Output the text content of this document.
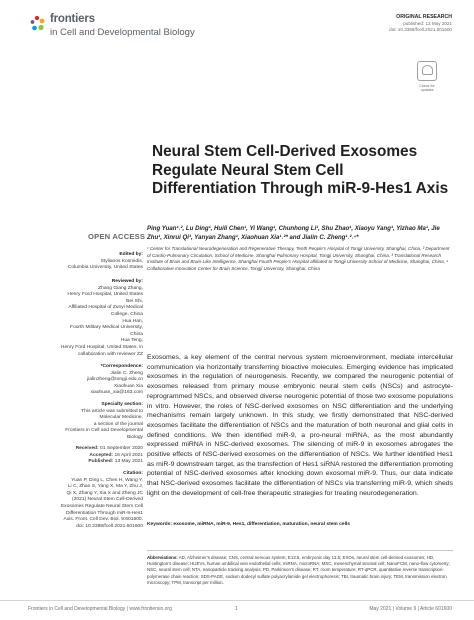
frontiers
in Cell and Developmental Biology
ORIGINAL RESEARCH
published: 13 May 2021
doi: 10.3389/fcell.2021.601600
Check for
updates
Neural Stem Cell-Derived Exosomes Regulate Neural Stem Cell Differentiation Through miR-9-Hes1 Axis
OPEN ACCESS
Edited by:
Stylianos Kosmidis,
Columbia University, United States
Reviewed by:
Zhang Giang Zhang,
Henry Ford Hospital, United States
Bei Shi,
Affiliated Hospital of Zunyi Medical
College, China
Hua Han,
Fourth Military Medical University,
China
Hua Teng,
Henry Ford Hospital, United States, in
collaboration with reviewer ZZ
*Correspondence:
Jialin C. Zheng
jialinzheng@tongji.edu.cn
Xiaohuan Xia
xiaohuan_xia@163.com
Specialty section:
This article was submitted to
Molecular Medicine,
a section of the journal
Frontiers in Cell and Developmental
Biology
Received: 01 September 2020
Accepted: 16 April 2021
Published: 13 May 2021
Citation:
Yuan P, Ding L, Chen H, Wang Y,
Li C, Zhao S, Yang X, Ma Y, Zhu J,
Qi X, Zhang Y, Xia X and Zheng JC
(2021) Neural Stem Cell-Derived
Exosomes Regulate Neural Stem Cell
Differentiation Through miR-9-Hes1
Axis. Front. Cell Dev. Biol. 9:601600.
doi: 10.3389/fcell.2021.601600
Ping Yuan¹˒², Lu Ding¹, Huili Chen¹, Yi Wang¹, Chunhong Li¹, Shu Zhao¹, Xiaoyu Yang¹, Yizhao Ma¹, Jie Zhu¹, Xinrui Qi³, Yanyan Zhang¹, Xiaohuan Xia¹˒²* and Jialin C. Zheng¹˒²˒⁴*
¹ Center for Translational Neurodegeneration and Regenerative Therapy, Tenth People’s Hospital of Tongji University, Shanghai, China, ² Department of Cardio-Pulmonary Circulation, School of Medicine, Shanghai Pulmonary Hospital, Tongji University, Shanghai, China, ³ Translational Research Institute of Brain and Brain-Like Intelligence, Shanghai Fourth People’s Hospital affiliated to Tongji University School of Medicine, Shanghai, China, ⁴ Collaborative Innovation Center for Brain Science, Tongji University, Shanghai, China
Exosomes, a key element of the central nervous system microenvironment, mediate intercellular communication via horizontally transferring bioactive molecules. Emerging evidence has implicated exosomes in the regulation of neurogenesis. Recently, we compared the neurogenic potential of exosomes released from primary mouse embryonic neural stem cells (NSCs) and astrocyte-reprogrammed NSCs, and observed diverse neurogenic potential of those two exosome populations in vitro. However, the roles of NSC-derived exosomes on NSC differentiation and the underlying mechanisms remain largely unknown. In this study, we firstly demonstrated that NSC-derived exosomes facilitate the differentiation of NSCs and the maturation of both neuronal and glial cells in defined conditions. We then identified miR-9, a pro-neural miRNA, as the most abundantly expressed miRNA in NSC-derived exosomes. The silencing of miR-9 in exosomes abrogates the positive effects of NSC-derived exosomes on the differentiation of NSCs. We further identified Hes1 as miR-9 downstream target, as the transfection of Hes1 siRNA restored the differentiation promoting potential of NSC-derived exosomes after knocking down exosomal miR-9. Thus, our data indicate that NSC-derived exosomes facilitate the differentiation of NSCs via transferring miR-9, which sheds light on the development of cell-free therapeutic strategies for treating neurodegeneration.
Keywords: exosome, miRNA, miR-9, Hes1, differentiation, maturation, neural stem cells
Abbreviations: AD, Alzheimer’s disease; CNS, central nervous system; E13.5, embryonic day 13.5; EXOs, neural stem cell-derived exosomes; HD, Huntington’s disease; HUEVs, human umbilical vein endothelial cells; miRNA, microRNA; MSC, mesenchymal stromal cell; NanoFCM, nano-flow cytometry; NSC, neural stem cell; NTA, nanoparticle tracking analysis; PD, Parkinson’s disease; RT, room temperature; RT-qPCR, quantitative reverse transcription-polymerase chain reaction; SDS-PAGE, sodium dodecyl sulfate polyacrylamide gel electrophoresis; TBI, traumatic brain injury; TEM, transmission electron microscopy; TPM, transcript per million.
Frontiers in Cell and Developmental Biology | www.frontiersin.org	1	May 2021 | Volume 9 | Article 601600
